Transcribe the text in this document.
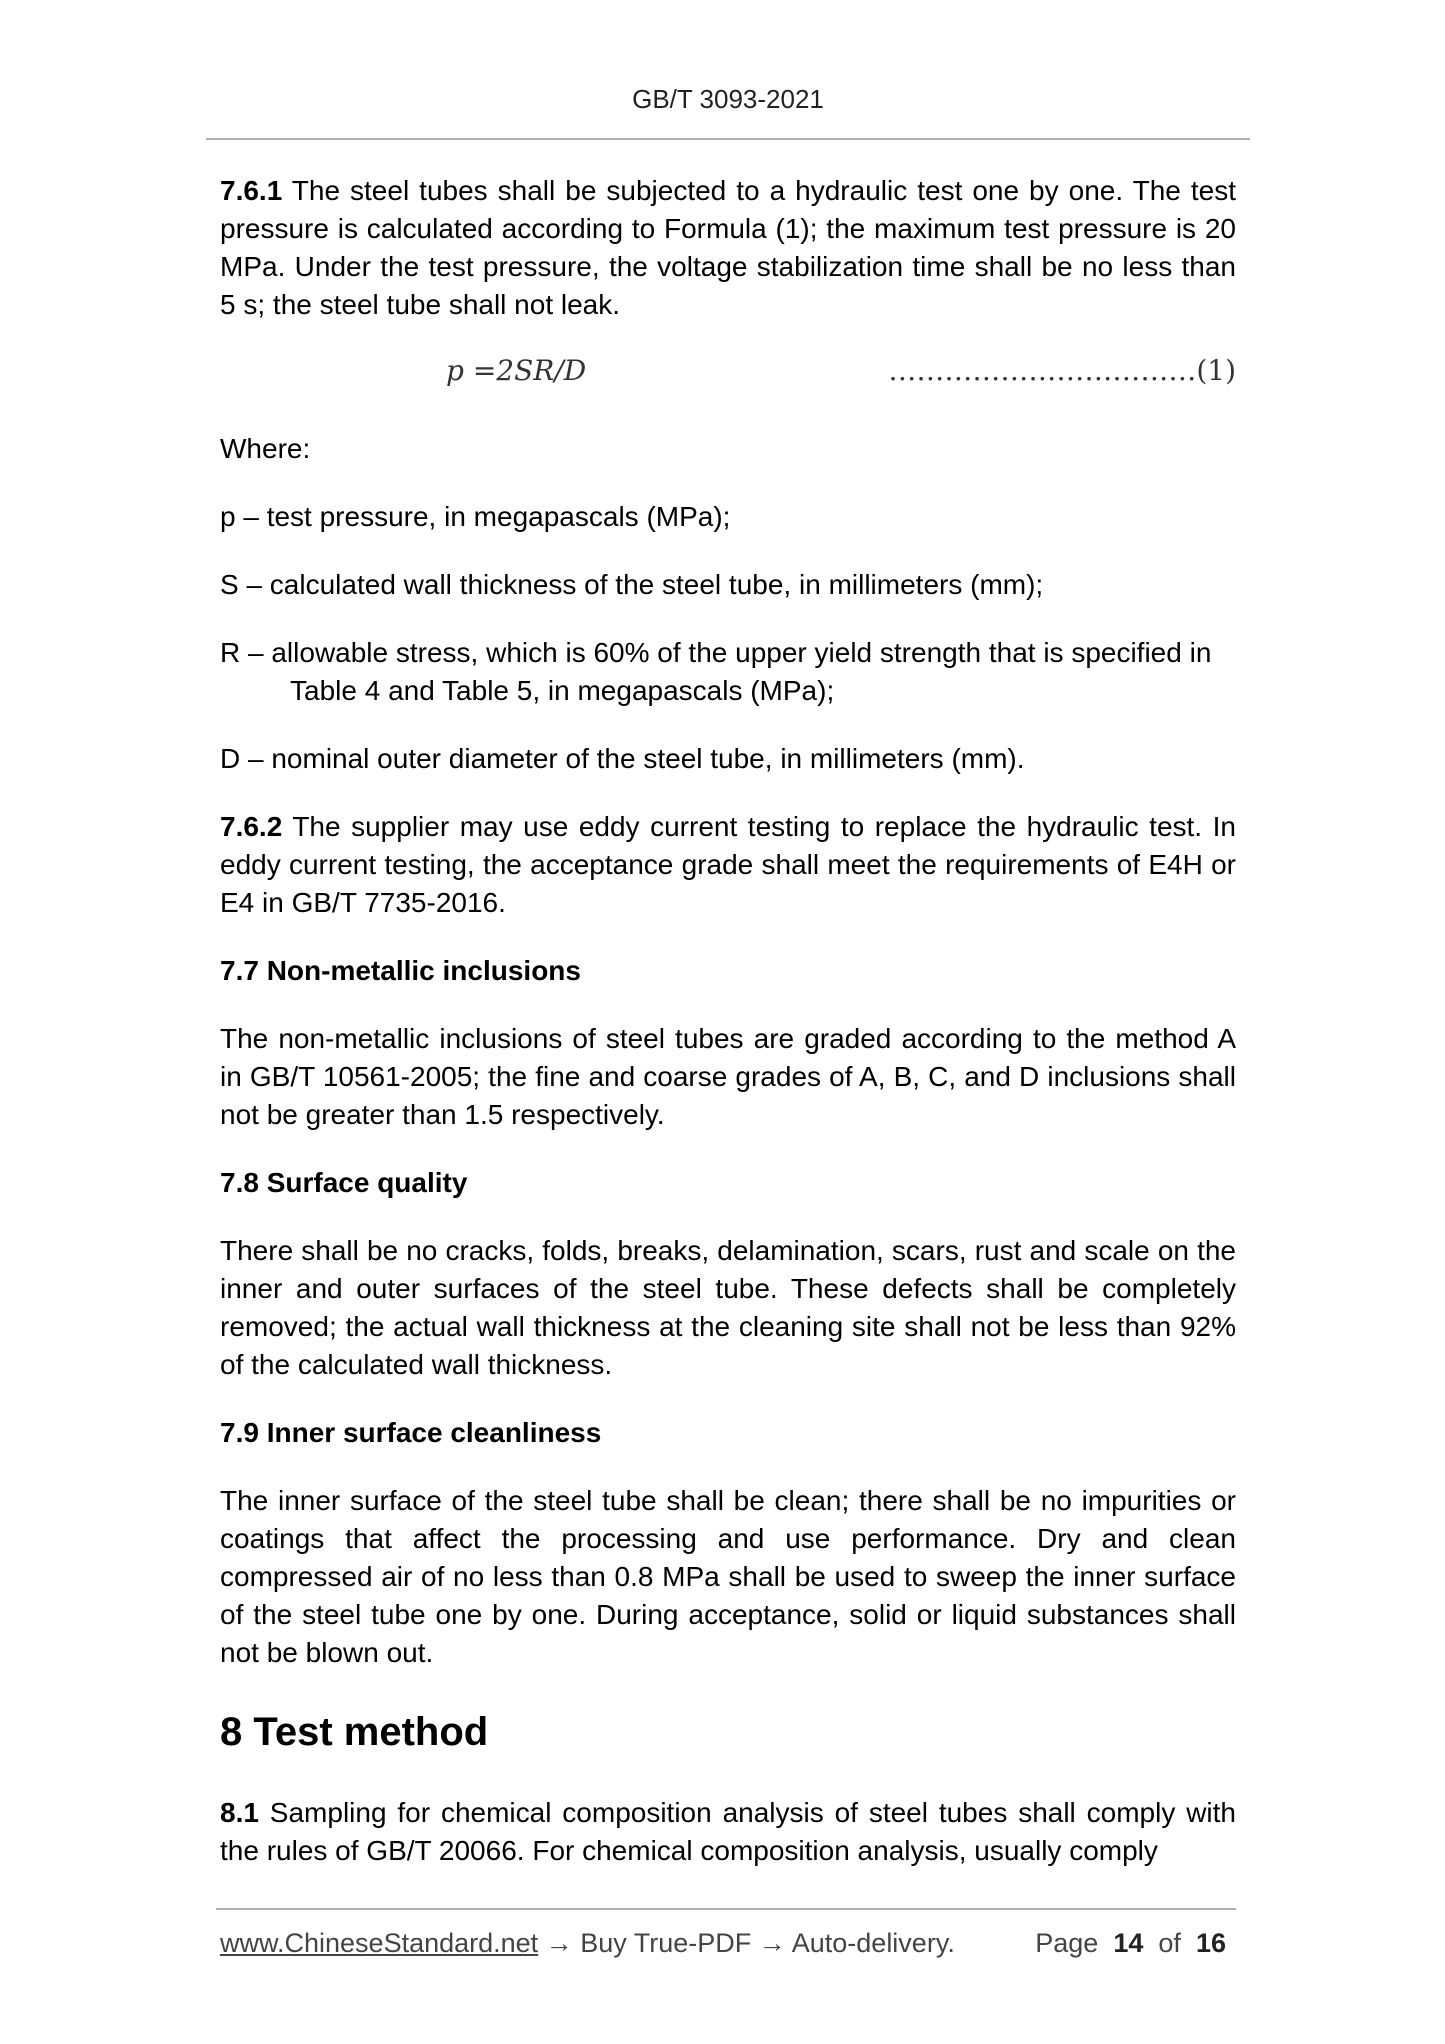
GB/T 3093-2021

7.6.1 The steel tubes shall be subjected to a hydraulic test one by one. The test pressure is calculated according to Formula (1); the maximum test pressure is 20 MPa. Under the test pressure, the voltage stabilization time shall be no less than 5 s; the steel tube shall not leak.

p =2SR/D	……………………………(1)

Where:

p – test pressure, in megapascals (MPa);

S – calculated wall thickness of the steel tube, in millimeters (mm);

R – allowable stress, which is 60% of the upper yield strength that is specified in Table 4 and Table 5, in megapascals (MPa);

D – nominal outer diameter of the steel tube, in millimeters (mm).

7.6.2 The supplier may use eddy current testing to replace the hydraulic test. In eddy current testing, the acceptance grade shall meet the requirements of E4H or E4 in GB/T 7735-2016.

7.7 Non-metallic inclusions

The non-metallic inclusions of steel tubes are graded according to the method A in GB/T 10561-2005; the fine and coarse grades of A, B, C, and D inclusions shall not be greater than 1.5 respectively.

7.8 Surface quality

There shall be no cracks, folds, breaks, delamination, scars, rust and scale on the inner and outer surfaces of the steel tube. These defects shall be completely removed; the actual wall thickness at the cleaning site shall not be less than 92% of the calculated wall thickness.

7.9 Inner surface cleanliness

The inner surface of the steel tube shall be clean; there shall be no impurities or coatings that affect the processing and use performance. Dry and clean compressed air of no less than 0.8 MPa shall be used to sweep the inner surface of the steel tube one by one. During acceptance, solid or liquid substances shall not be blown out.

8 Test method

8.1 Sampling for chemical composition analysis of steel tubes shall comply with the rules of GB/T 20066. For chemical composition analysis, usually comply

www.ChineseStandard.net → Buy True-PDF → Auto-delivery.	Page 14 of 16
